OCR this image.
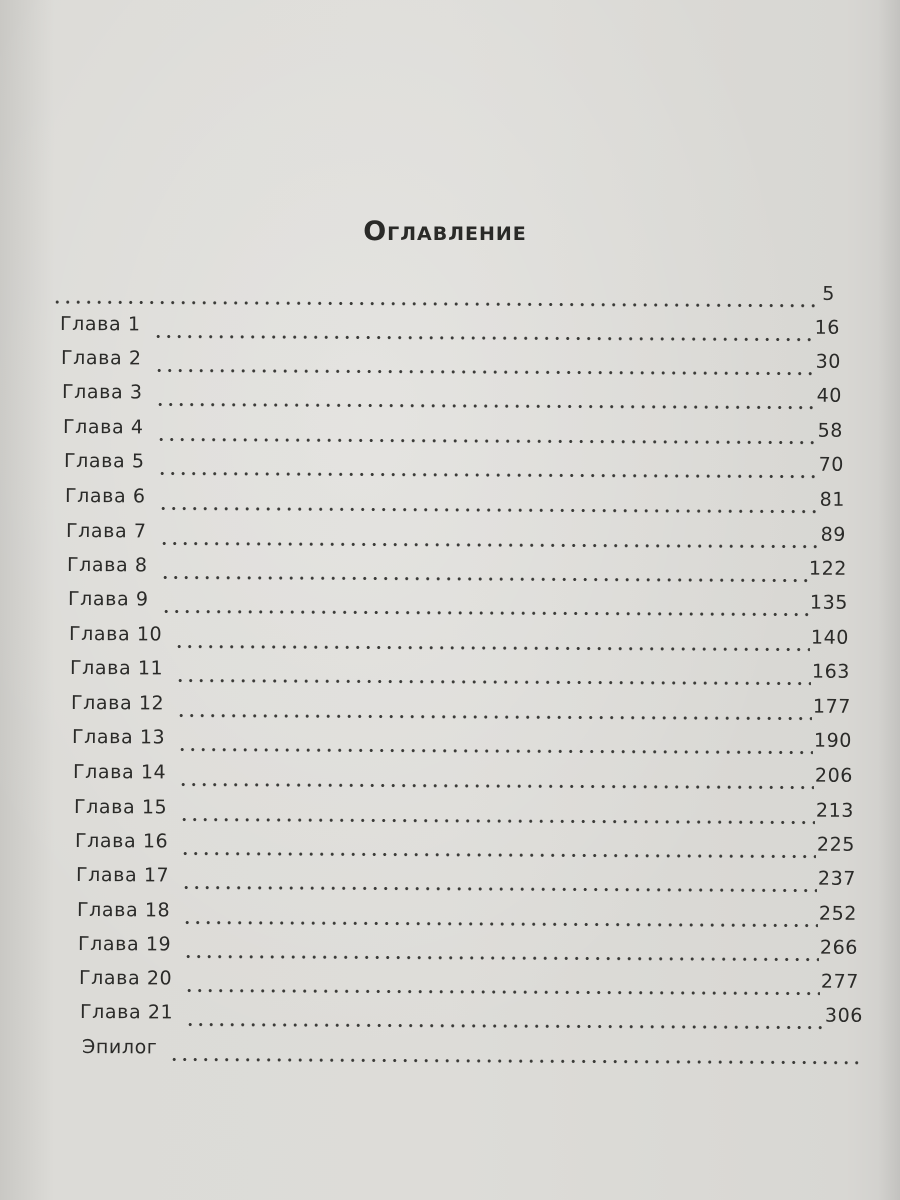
Оглавление
5
Глава 1	16
Глава 2	30
Глава 3	40
Глава 4	58
Глава 5	70
Глава 6	81
Глава 7	89
Глава 8	122
Глава 9	135
Глава 10	140
Глава 11	163
Глава 12	177
Глава 13	190
Глава 14	206
Глава 15	213
Глава 16	225
Глава 17	237
Глава 18	252
Глава 19	266
Глава 20	277
Глава 21	306
Эпилог
